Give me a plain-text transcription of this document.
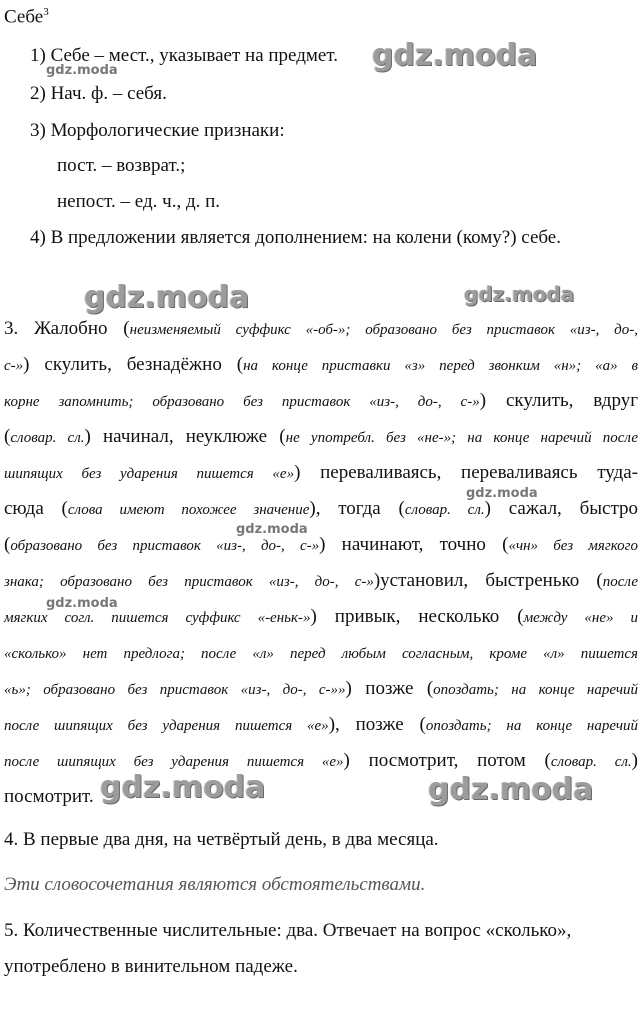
Себе$^3$
1) Себе – мест., указывает на предмет.
2) Нач. ф. – себя.
3) Морфологические признаки:
пост. – возврат.;
непост. – ед. ч., д. п.
4) В предложении является дополнением: на колени (кому?) себе.
3. Жалобно (неизменяемый суффикс «-об-»; образовано без приставок «из-, до-,
с-») скулить, безнадёжно (на конце приставки «з» перед звонким «н»; «а» в
корне запомнить; образовано без приставок «из-, до-, с-») скулить, вдруг
(словар. сл.) начинал, неуклюже (не употребл. без «не-»; на конце наречий после
шипящих без ударения пишется «е») переваливаясь, переваливаясь туда-
сюда (слова имеют похожее значение), тогда (словар. сл.) сажал, быстро
(образовано без приставок «из-, до-, с-») начинают, точно («чн» без мягкого
знака; образовано без приставок «из-, до-, с-»)установил, быстренько (после
мягких согл. пишется суффикс «-еньк-») привык, несколько (между «не» и
«сколько» нет предлога; после «л» перед любым согласным, кроме «л» пишется
«ь»; образовано без приставок «из-, до-, с-»») позже (опоздать; на конце наречий
после шипящих без ударения пишется «е»), позже (опоздать; на конце наречий
после шипящих без ударения пишется «е») посмотрит, потом (словар. сл.)
посмотрит.
4. В первые два дня, на четвёртый день, в два месяца.
Эти словосочетания являются обстоятельствами.
5. Количественные числительные: два. Отвечает на вопрос «сколько»,
употреблено в винительном падеже.
gdz.moda
gdz.moda
gdz.moda	gdz.moda
gdz.moda
gdz.moda
gdz.moda
gdz.moda	gdz.moda
